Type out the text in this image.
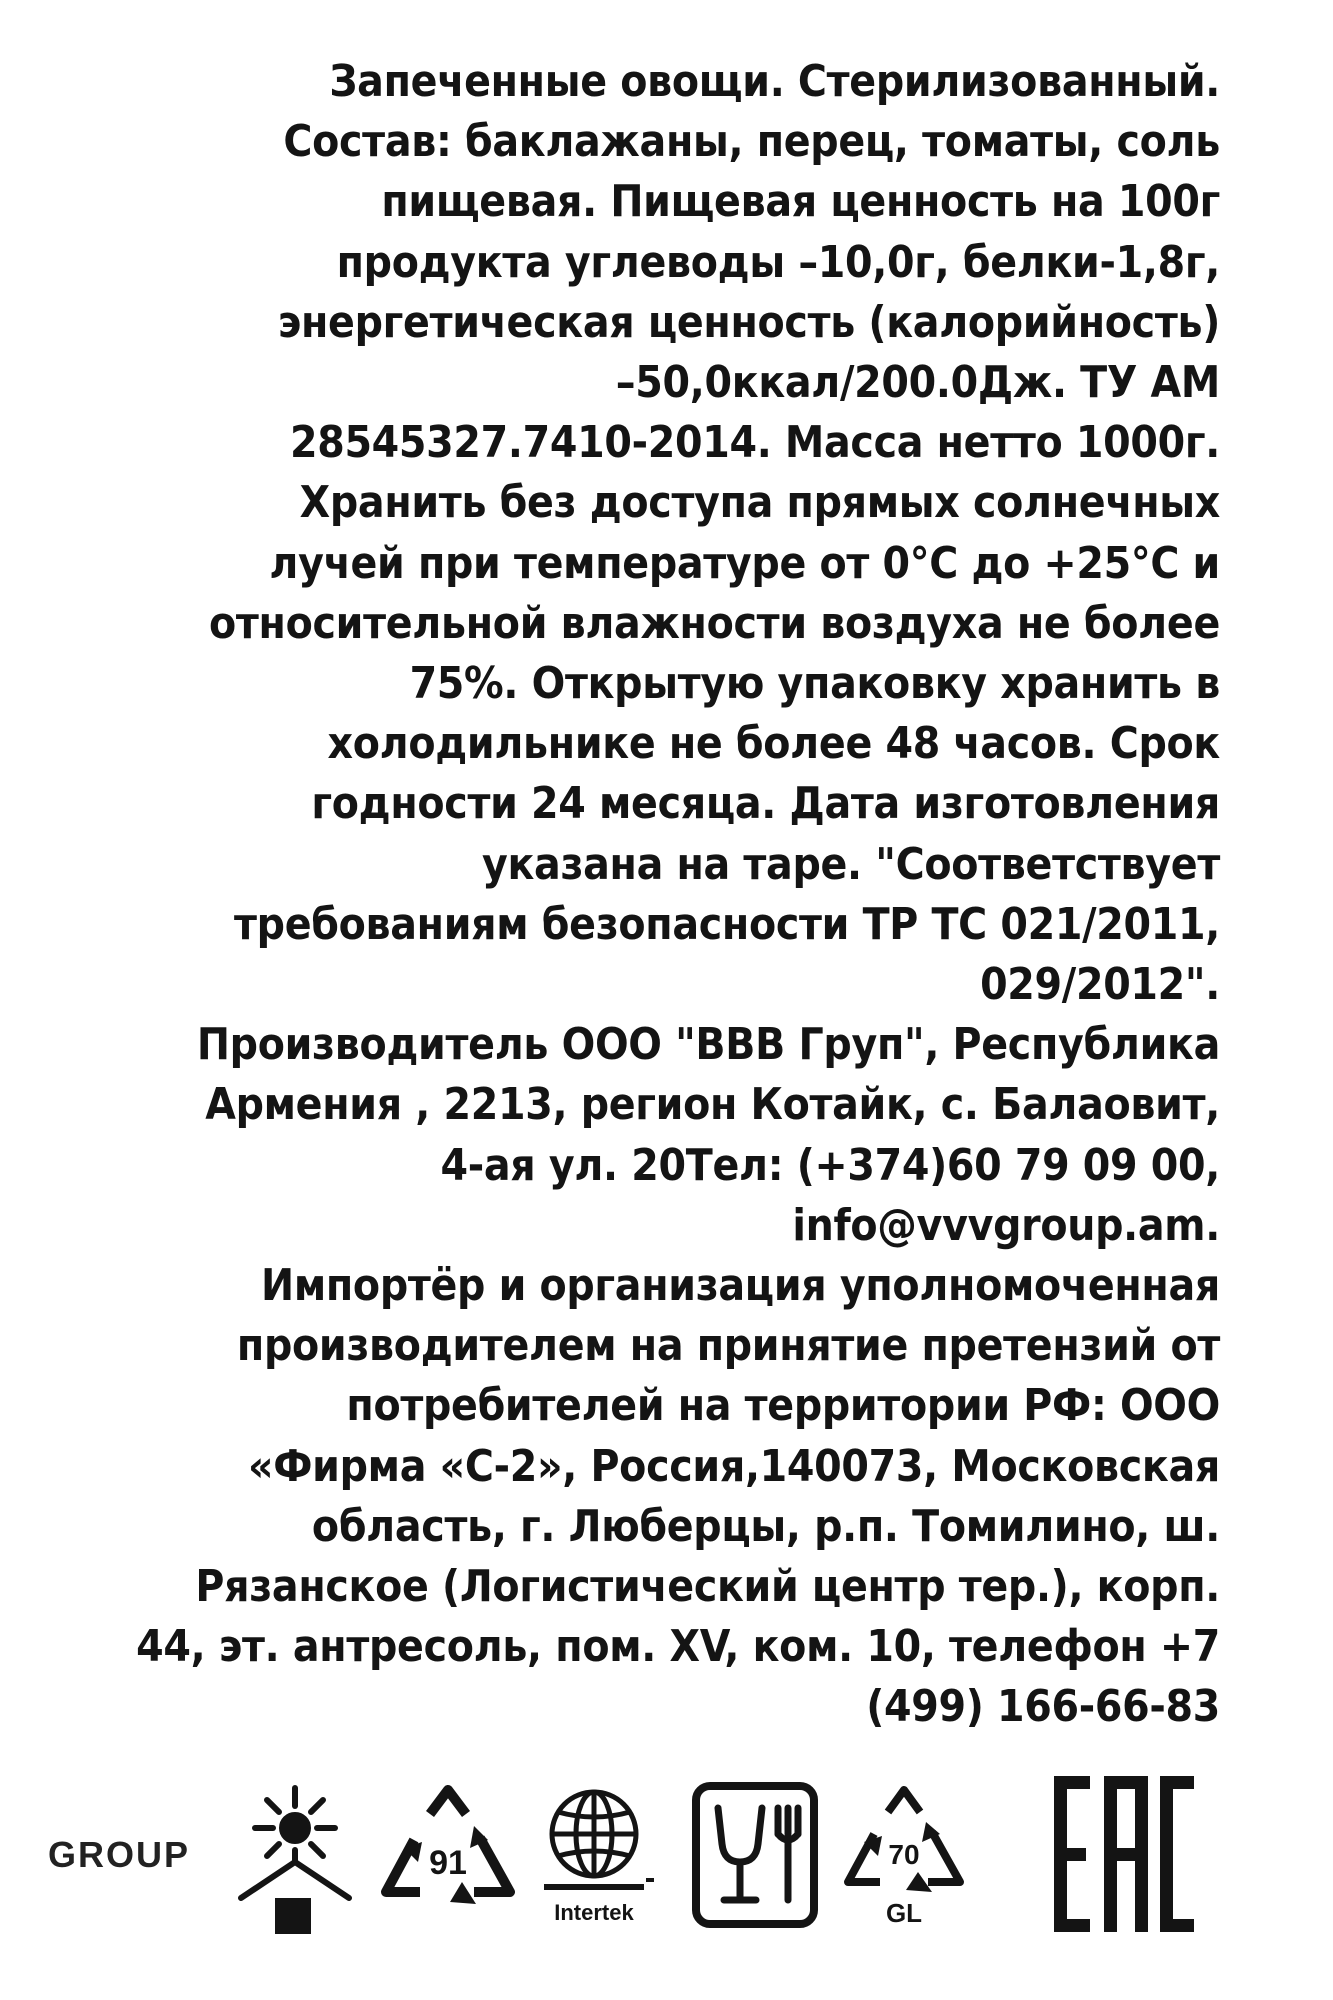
Запеченные овощи. Стерилизованный.
Состав: баклажаны, перец, томаты, соль
пищевая. Пищевая ценность на 100г
продукта углеводы –10,0г, белки-1,8г,
энергетическая ценность (калорийность)
–50,0ккал/200.0Дж. ТУ АМ
28545327.7410-2014. Масса нетто 1000г.
Хранить без доступа прямых солнечных
лучей при температуре от 0°С до +25°С и
относительной влажности воздуха не более
75%. Открытую упаковку хранить в
холодильнике не более 48 часов. Срок
годности 24 месяца. Дата изготовления
указана на таре. "Соответствует
требованиям безопасности ТР ТС 021/2011,
029/2012".
Производитель ООО "ВВВ Груп", Республика
Армения , 2213, регион Котайк, с. Балаовит,
4-ая ул. 20Тел: (+374)60 79 09 00,
info@vvvgroup.am.
Импортёр и организация уполномоченная
производителем на принятие претензий от
потребителей на территории РФ: ООО
«Фирма «С-2», Россия,140073, Московская
область, г. Люберцы, р.п. Томилино, ш.
Рязанское (Логистический центр тер.), корп.
44, эт. антресоль, пом. XV, ком. 10, телефон +7
(499) 166-66-83
GROUP	91
Intertek
70
GL
